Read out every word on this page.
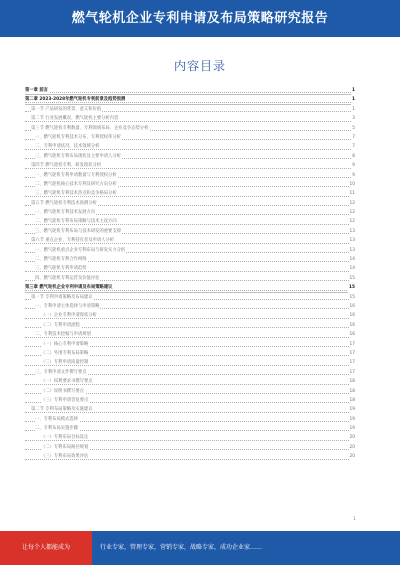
燃气轮机企业专利申请及布局策略研究报告
内容目录
第一章 前言	1
第二章 2023-2028年燃气轮机专利前景及趋势预测	1
第一节 产品研发的背景、意义和价值	1
第二节 行业发展概况、燃气轮机主要分析内容	3
第三节 燃气轮机专利数量、专利领域布局、企业竞争态势分析	5
一、燃气轮机专利技术分布、专利授权率分析	7
二、专利申请状况、技术领域分析	7
三、燃气轮机专利布局现状及主要申请人分析	8
第四节 燃气轮机专利、研发现状分析	9
一、燃气轮机专利申请数量与专利授权分析	9
二、燃气轮机核心技术专利及研究方向分析	10
三、燃气轮机专利技术热点和竞争格局分析	11
第五节 燃气轮机专利技术预测分析	12
一、燃气轮机专利技术发展方向	12
二、燃气轮机专利布局策略与技术主攻方向	12
三、燃气轮机专利布局与技术研发的重要支撑	13
第六节 重点企业、专利持有者及申请人分析	13
一、燃气轮机重点企业专利布局与研发实力分析	13
二、燃气轮机专利合作网络	14
三、燃气轮机专利申请趋势	14
四、燃气轮机专利运营及价值评估	15
第三章 燃气轮机企业专利申请及布局策略建议	15
第一节 专利申请策略及布局建议	15
一、专利申请主体选择与申请策略	16
（一）企业专利申请现状分析	16
（二）专利申请流程	16
二、专利技术挖掘与申请规划	16
（一）核心专利申请策略	17
（二）外围专利布局策略	17
（三）专利申请质量控制	17
三、专利申请文件撰写要点	17
（一）权利要求书撰写要点	18
（二）说明书撰写要点	18
（三）专利申请答复要点	18
第二节 专利布局策略及实施建议	19
一、专利布局模式选择	19
二、专利布局实施步骤	19
（一）专利布局目标设定	20
（二）专利布局路径规划	20
（三）专利布局效果评估	20
1
让每个人都能成为	行业专家，管理专家，营销专家，战略专家，成功企业家……
